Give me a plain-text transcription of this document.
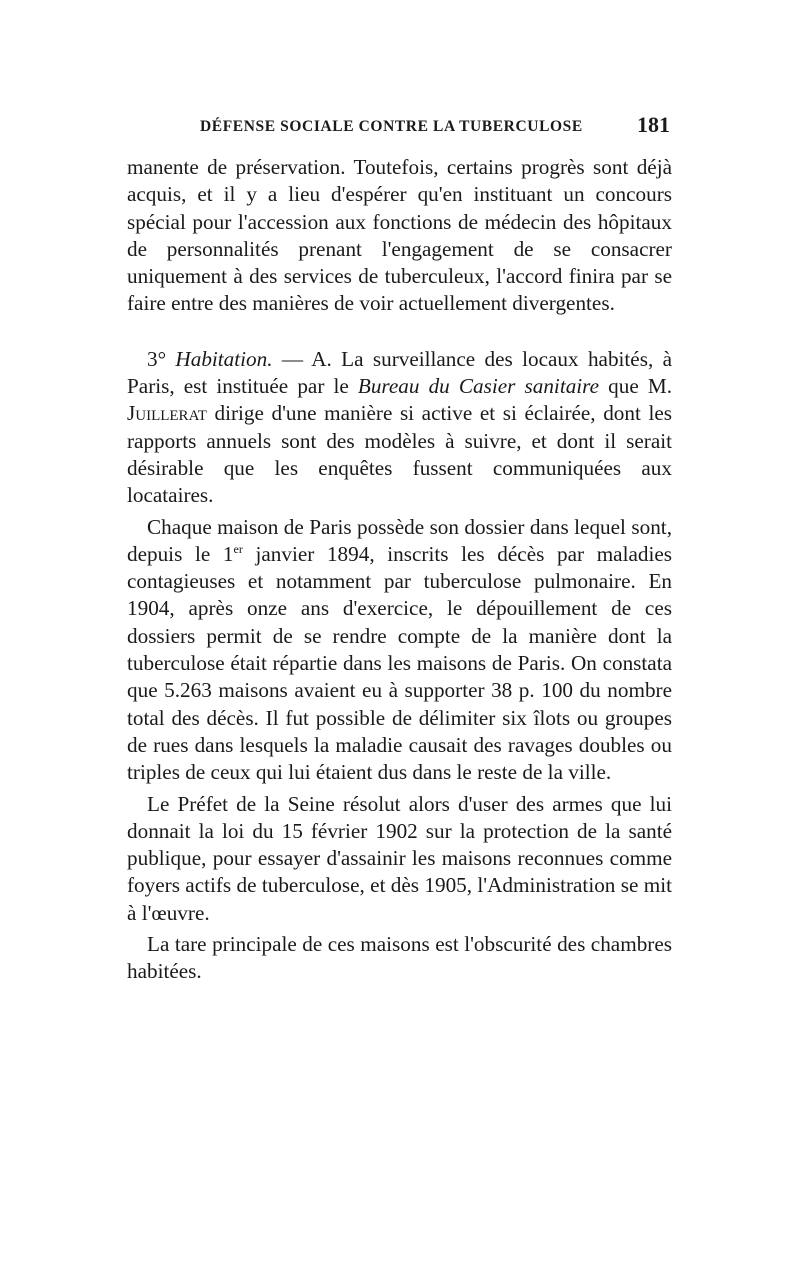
DÉFENSE SOCIALE CONTRE LA TUBERCULOSE 181

manente de préservation. Toutefois, certains progrès sont déjà acquis, et il y a lieu d'espérer qu'en instituant un concours spécial pour l'accession aux fonctions de médecin des hôpitaux de personnalités prenant l'engagement de se consacrer uniquement à des services de tuberculeux, l'accord finira par se faire entre des manières de voir actuellement divergentes.

3° Habitation. — A. La surveillance des locaux habités, à Paris, est instituée par le Bureau du Casier sanitaire que M. Juillerat dirige d'une manière si active et si éclairée, dont les rapports annuels sont des modèles à suivre, et dont il serait désirable que les enquêtes fussent communiquées aux locataires.

Chaque maison de Paris possède son dossier dans lequel sont, depuis le 1er janvier 1894, inscrits les décès par maladies contagieuses et notamment par tuberculose pulmonaire. En 1904, après onze ans d'exercice, le dépouillement de ces dossiers permit de se rendre compte de la manière dont la tuberculose était répartie dans les maisons de Paris. On constata que 5.263 maisons avaient eu à supporter 38 p. 100 du nombre total des décès. Il fut possible de délimiter six îlots ou groupes de rues dans lesquels la maladie causait des ravages doubles ou triples de ceux qui lui étaient dus dans le reste de la ville.

Le Préfet de la Seine résolut alors d'user des armes que lui donnait la loi du 15 février 1902 sur la protection de la santé publique, pour essayer d'assainir les maisons reconnues comme foyers actifs de tuberculose, et dès 1905, l'Administration se mit à l'œuvre.

La tare principale de ces maisons est l'obscurité des chambres habitées.
